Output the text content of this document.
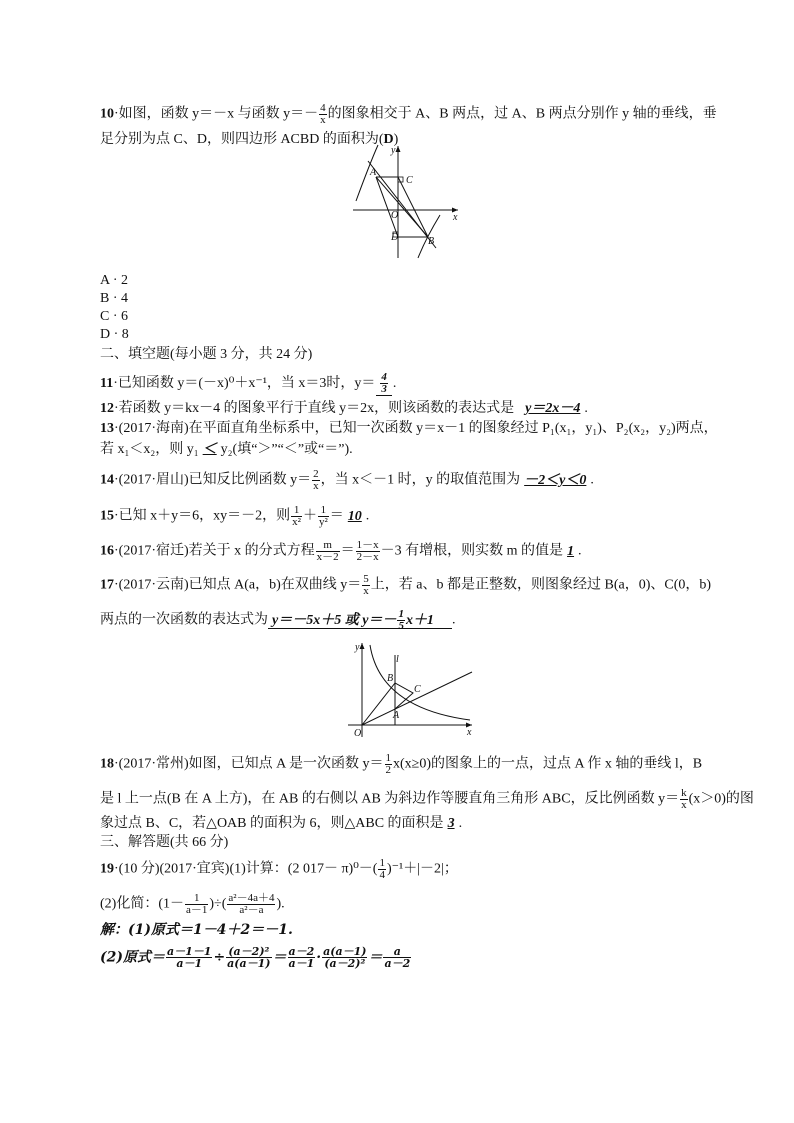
10·如图，函数 y＝－x 与函数 $y=- \frac{4}{x}$ 的图象相交于 A、B 两点，过 A、B 两点分别作 y 轴的垂线，垂
足分别为点 C、D，则四边形 ACBD 的面积为(D)
y
x
A
C
O
D	B
A · 2
B · 4
C · 6
D · 8
二、填空题(每小题 3 分，共 24 分)
11·已知函数 y＝(－x)⁰＋x⁻¹，当 x＝3时，$y= \frac{4}{3}$ .
12·若函数 y＝kx－4 的图象平行于直线 y＝2x，则该函数的表达式是 y＝2x－4 .
13·(2017·海南)在平面直角坐标系中，已知一次函数 y＝x－1 的图象经过 P₁(x₁，y₁)、P₂(x₂，y₂)两点，
若 x₁＜x₂，则 y₁ ＜ y₂(填“＞”“＜”或“＝”).
14·(2017·眉山)已知反比例函数 $y= \frac{2}{x}$ ，当 x＜－1 时，y 的取值范围为 －2＜y＜0 .
15·已知 x＋y＝6，xy＝－2，则 $\frac{1}{\text{x²}} + \frac{1}{\text{y²}} = 10$ .
16·(2017·宿迁)若关于 x 的分式方程 $\frac{m}{x-2} = \frac{1-x}{2-x} -3$ 有增根，则实数 m 的值是 1 .
17·(2017·云南)已知点 A(a，b)在双曲线 $y= \frac{5}{x}$ 上，若 a、b 都是正整数，则图象经过 B(a，0)、C(0，b)
两点的一次函数的表达式为 y＝－5x＋5 或 $y=- \frac{1}{5} x+1$ .
y
x
O
l
B
C
A
18·(2017·常州)如图，已知点 A 是一次函数 $y= \frac{1}{2} x(x\ge 0)$的图象上的一点，过点 A 作 x 轴的垂线 l，B
是 l 上一点(B 在 A 上方)，在 AB 的右侧以 AB 为斜边作等腰直角三角形 ABC，反比例函数 $y= \frac{k}{x} (x>0)$的图
象过点 B、C，若△OAB 的面积为 6，则△ABC 的面积是 3 .
三、解答题(共 66 分)
19·(10 分)(2017·宜宾)(1)计算：(2 $017- \pi)^0-( \frac{1}{4} )^{-1}+|-2|$；
(2)化简：($1- \frac{1}{a-1}$ )÷( $\frac{\text{a²－4a＋4}}{\text{a²－a}}$ ).
解：(1)原式＝1－4＋2＝－1.
(2)原式＝ $\frac{a-1-1}{a-1} \div \frac{\text{(a－2)²}}{a(a-1)} = \frac{a-2}{a-1} \cdot \frac{a(a-1)}{\text{(a－2)²}} = \frac{a}{a-2}$
